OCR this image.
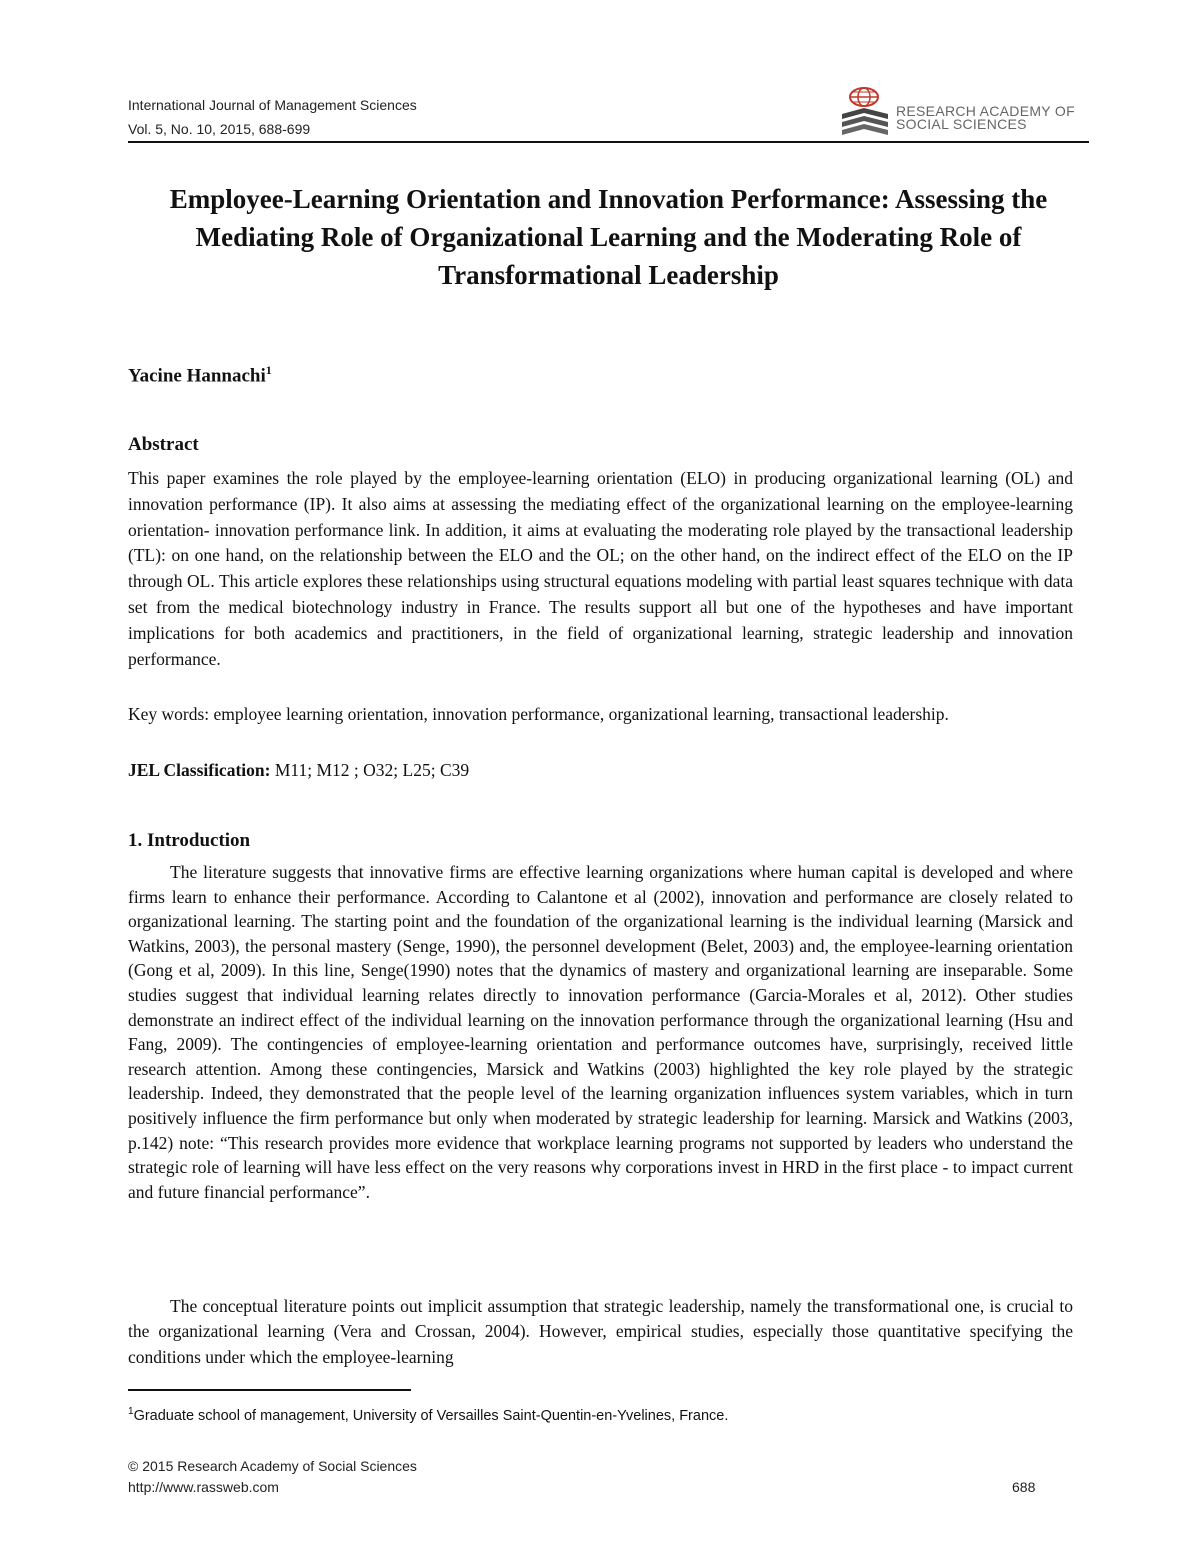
International Journal of Management Sciences
Vol. 5, No. 10, 2015, 688-699
RESEARCH ACADEMY OF
SOCIAL SCIENCES
Employee-Learning Orientation and Innovation Performance: Assessing the Mediating Role of Organizational Learning and the Moderating Role of Transformational Leadership
Yacine Hannachi$^1$
Abstract

This paper examines the role played by the employee-learning orientation (ELO) in producing organizational learning (OL) and innovation performance (IP). It also aims at assessing the mediating effect of the organizational learning on the employee-learning orientation- innovation performance link. In addition, it aims at evaluating the moderating role played by the transactional leadership (TL): on one hand, on the relationship between the ELO and the OL; on the other hand, on the indirect effect of the ELO on the IP through OL. This article explores these relationships using structural equations modeling with partial least squares technique with data set from the medical biotechnology industry in France. The results support all but one of the hypotheses and have important implications for both academics and practitioners, in the field of organizational learning, strategic leadership and innovation performance.

Key words: employee learning orientation, innovation performance, organizational learning, transactional leadership.

JEL Classification: M11; M12 ; O32; L25; C39
1. Introduction

The literature suggests that innovative firms are effective learning organizations where human capital is developed and where firms learn to enhance their performance. According to Calantone et al (2002), innovation and performance are closely related to organizational learning. The starting point and the foundation of the organizational learning is the individual learning (Marsick and Watkins, 2003), the personal mastery (Senge, 1990), the personnel development (Belet, 2003) and, the employee-learning orientation (Gong et al, 2009). In this line, Senge(1990) notes that the dynamics of mastery and organizational learning are inseparable. Some studies suggest that individual learning relates directly to innovation performance (Garcia-Morales et al, 2012). Other studies demonstrate an indirect effect of the individual learning on the innovation performance through the organizational learning (Hsu and Fang, 2009). The contingencies of employee-learning orientation and performance outcomes have, surprisingly, received little research attention. Among these contingencies, Marsick and Watkins (2003) highlighted the key role played by the strategic leadership. Indeed, they demonstrated that the people level of the learning organization influences system variables, which in turn positively influence the firm performance but only when moderated by strategic leadership for learning. Marsick and Watkins (2003, p.142) note: “This research provides more evidence that workplace learning programs not supported by leaders who understand the strategic role of learning will have less effect on the very reasons why corporations invest in HRD in the first place - to impact current and future financial performance”.

The conceptual literature points out implicit assumption that strategic leadership, namely the transformational one, is crucial to the organizational learning (Vera and Crossan, 2004). However, empirical studies, especially those quantitative specifying the conditions under which the employee-learning

$^1$Graduate school of management, University of Versailles Saint-Quentin-en-Yvelines, France.
© 2015 Research Academy of Social Sciences
http://www.rassweb.com	688
